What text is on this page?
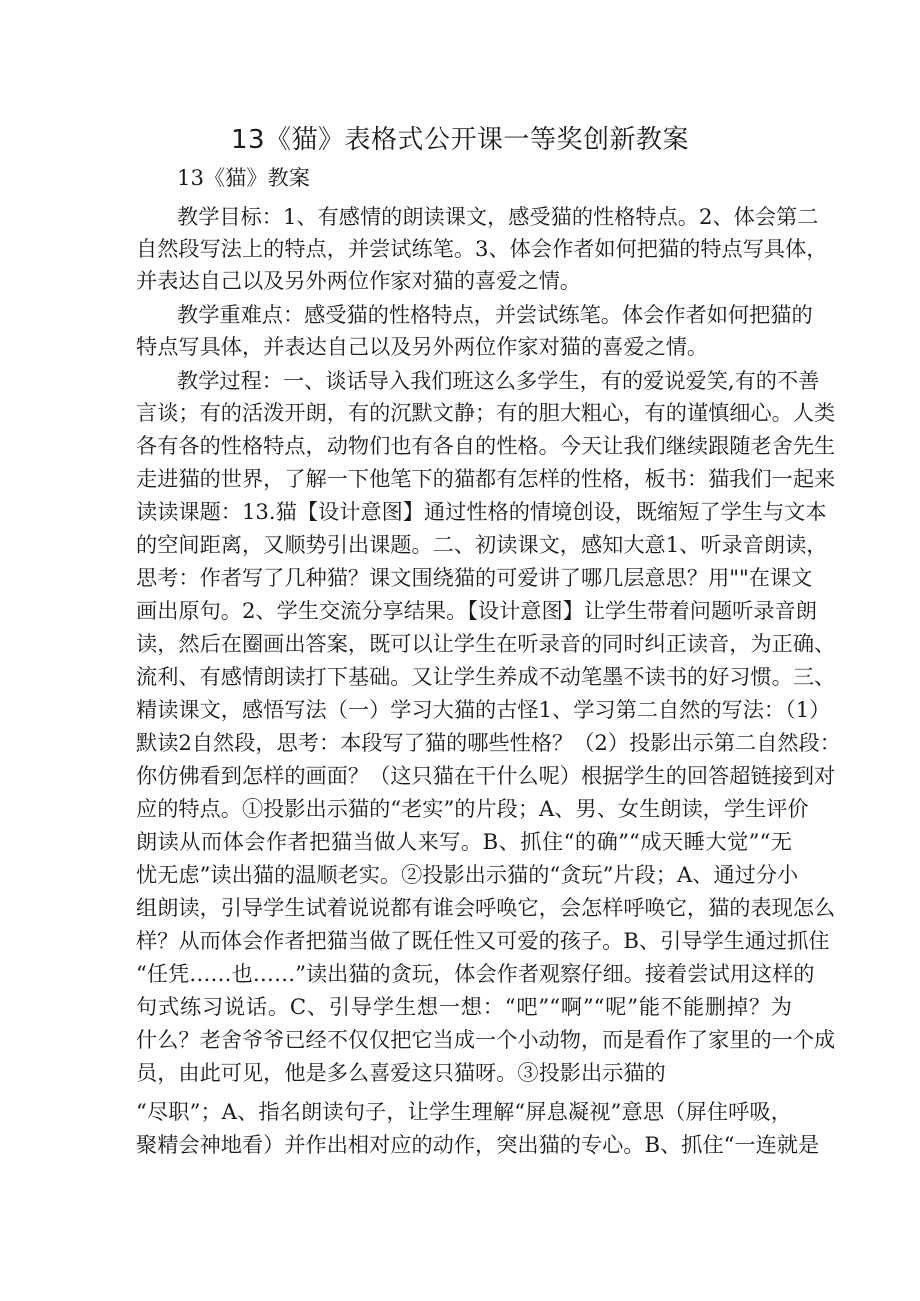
13《猫》表格式公开课一等奖创新教案
13《猫》教案
教学目标：1、有感情的朗读课文，感受猫的性格特点。2、体会第二
自然段写法上的特点，并尝试练笔。3、体会作者如何把猫的特点写具体，
并表达自己以及另外两位作家对猫的喜爱之情。
教学重难点：感受猫的性格特点，并尝试练笔。体会作者如何把猫的
特点写具体，并表达自己以及另外两位作家对猫的喜爱之情。
教学过程：一、谈话导入我们班这么多学生，有的爱说爱笑,有的不善
言谈；有的活泼开朗，有的沉默文静；有的胆大粗心，有的谨慎细心。人类
各有各的性格特点，动物们也有各自的性格。今天让我们继续跟随老舍先生
走进猫的世界，了解一下他笔下的猫都有怎样的性格，板书：猫我们一起来
读读课题：13.猫【设计意图】通过性格的情境创设，既缩短了学生与文本
的空间距离，又顺势引出课题。二、初读课文，感知大意1、听录音朗读，
思考：作者写了几种猫？课文围绕猫的可爱讲了哪几层意思？用""在课文
画出原句。2、学生交流分享结果。【设计意图】让学生带着问题听录音朗
读，然后在圈画出答案，既可以让学生在听录音的同时纠正读音，为正确、
流利、有感情朗读打下基础。又让学生养成不动笔墨不读书的好习惯。三、
精读课文，感悟写法（一）学习大猫的古怪1、学习第二自然的写法：（1）
默读2自然段，思考：本段写了猫的哪些性格？（2）投影出示第二自然段：
你仿佛看到怎样的画面？（这只猫在干什么呢）根据学生的回答超链接到对
应的特点。①投影出示猫的“老实”的片段；A、男、女生朗读，学生评价
朗读从而体会作者把猫当做人来写。B、抓住“的确”“成天睡大觉”“无
忧无虑”读出猫的温顺老实。②投影出示猫的“贪玩”片段；A、通过分小
组朗读，引导学生试着说说都有谁会呼唤它，会怎样呼唤它，猫的表现怎么
样？从而体会作者把猫当做了既任性又可爱的孩子。B、引导学生通过抓住
“任凭……也……”读出猫的贪玩，体会作者观察仔细。接着尝试用这样的
句式练习说话。C、引导学生想一想：“吧”“啊”“呢”能不能删掉？为
什么？老舍爷爷已经不仅仅把它当成一个小动物，而是看作了家里的一个成
员，由此可见，他是多么喜爱这只猫呀。③投影出示猫的
“尽职”；A、指名朗读句子，让学生理解“屏息凝视”意思（屏住呼吸，
聚精会神地看）并作出相对应的动作，突出猫的专心。B、抓住“一连就是
